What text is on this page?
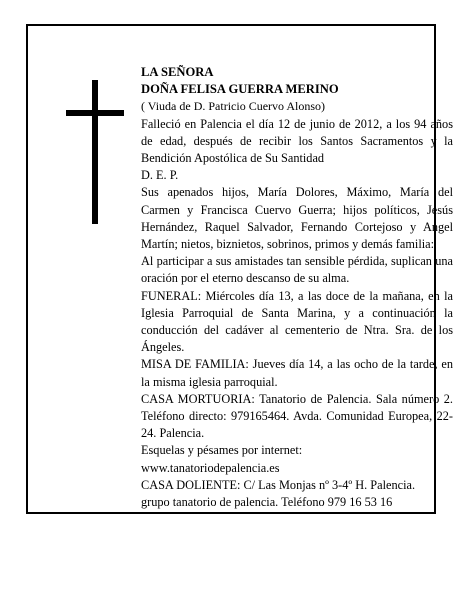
LA SEÑORA

DOÑA FELISA GUERRA MERINO

( Viuda de D. Patricio Cuervo Alonso)

Falleció en Palencia el día 12 de junio de 2012, a los 94 años de edad, después de recibir los Santos Sacramentos y la Bendición Apostólica de Su Santidad

D. E. P.

Sus apenados hijos, María Dolores, Máximo, María del Carmen y Francisca Cuervo Guerra; hijos políticos, Jesús Hernández, Raquel Salvador, Fernando Cortejoso y Angel Martín; nietos, biznietos, sobrinos, primos y demás familia:

Al participar a sus amistades tan sensible pérdida, suplican una oración por el eterno descanso de su alma.

FUNERAL: Miércoles día 13, a las doce de la mañana, en la Iglesia Parroquial de Santa Marina, y a continuación la conducción del cadáver al cementerio de Ntra. Sra. de los Ángeles.

MISA DE FAMILIA: Jueves día 14, a las ocho de la tarde, en la misma iglesia parroquial.

CASA MORTUORIA: Tanatorio de Palencia. Sala número 2. Teléfono directo: 979165464. Avda. Comunidad Europea, 22-24. Palencia.

Esquelas y pésames por internet:

www.tanatoriodepalencia.es

CASA DOLIENTE: C/ Las Monjas nº 3-4º H. Palencia.

grupo tanatorio de palencia. Teléfono 979 16 53 16
